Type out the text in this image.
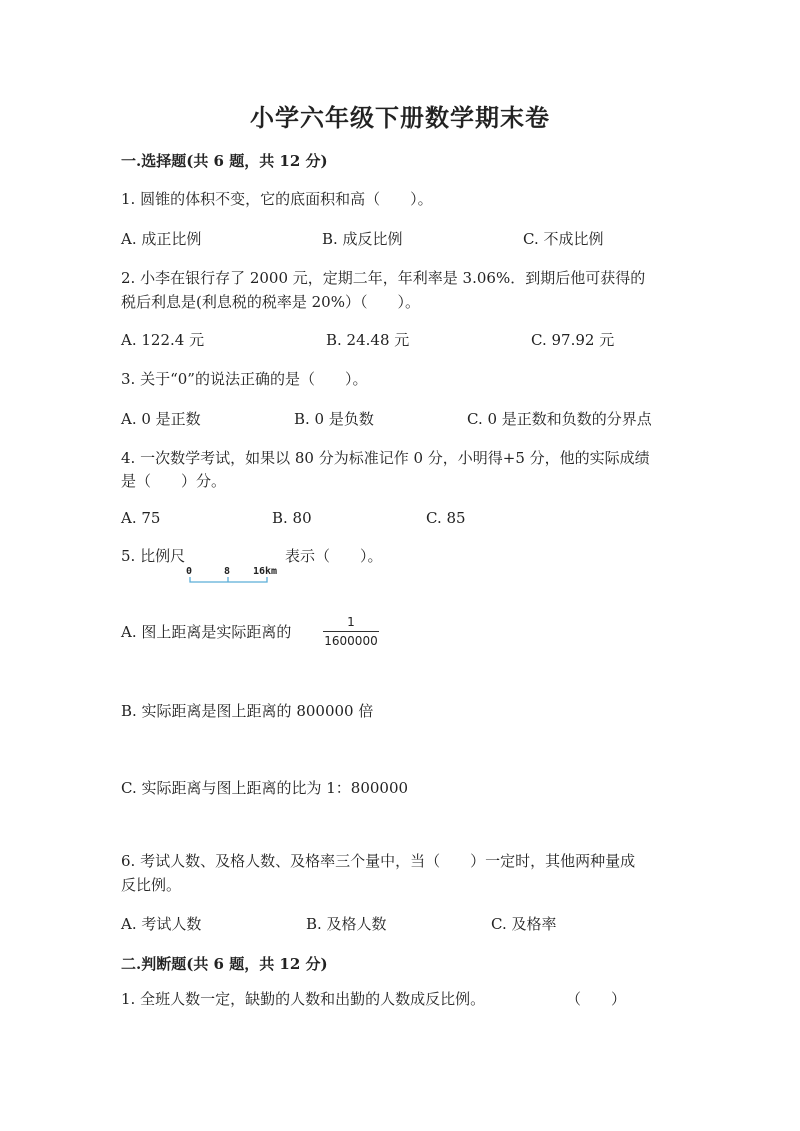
小学六年级下册数学期末卷
一.选择题(共 6 题，共 12 分)
1. 圆锥的体积不变，它的底面积和高（　　）。
A. 成正比例	B. 成反比例	C. 不成比例
2. 小李在银行存了 2000 元，定期二年，年利率是 3.06%．到期后他可获得的
税后利息是(利息税的税率是 20%）（　　）。
A. 122.4 元	B. 24.48 元	C. 97.92 元
3. 关于“0”的说法正确的是（　　）。
A. 0 是正数	B. 0 是负数	C. 0 是正数和负数的分界点
4. 一次数学考试，如果以 80 分为标准记作 0 分，小明得+5 分，他的实际成绩
是（　　）分。
A. 75	B. 80	C. 85
5. 比例尺
0	8 16km
表示（　　）。
A. 图上距离是实际距离的
1
1600000
B. 实际距离是图上距离的 800000 倍
C. 实际距离与图上距离的比为 1：800000
6. 考试人数、及格人数、及格率三个量中，当（　　）一定时，其他两种量成
反比例。
A. 考试人数	B. 及格人数	C. 及格率
二.判断题(共 6 题，共 12 分)
1. 全班人数一定，缺勤的人数和出勤的人数成反比例。	（　　）
